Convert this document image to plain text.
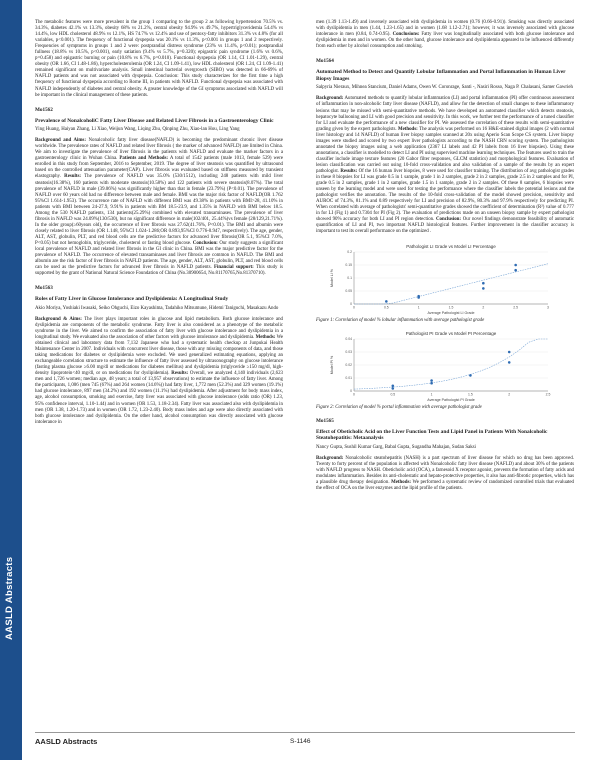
AASLD Abstracts

The metabolic features were more prevalent in the group 1 comparing to the group 2 as following hypertension 70.5% vs. 34.3%, diabetes 42.1% vs 13.3%, obesity 68% vs 21.2%, central obesity 94.9% vs 49.7%, hypertriglyceridemia 54.4% vs 14.4%, low HDL cholesterol 48.9% vs 12.1%, HS 74.7% vs 12.4% and use of pentoxy-fatty inhibitors 31.3% vs 4.8% (for all variables, p<0.001). The frequency of functional dyspepsia was 20.1% vs 11.3%, p<0.001 in groups 1 and 2 respectively. Frequencies of symptoms in groups 1 and 2 were: postprandial distress syndrome (23% vs 11.4%, p<0.01); postprandial fullness (18.8% vs 10.5%, p<0.001), early satiation (9.4% vs 5.7%, p=0.320); epigastric pain syndrome (1.6% vs 0.6%, p=0.458) and epigastric burning or pain (10.8% vs 6.7%, p=0.010). Functional dyspepsia (OR 1.14, CI 1.01-1.29), central obesity (OR 1.66, CI 1.48-1.86), hypercholesterolemia (OR 1.24, CI 1.09-1.41), low HDL cholesterol (OR 1.24, CI 1.09-1.41) remained significant on multivariate analysis. Small intestinal bacterial overgrowth (SIBO) was detected in 66-69% of NAFLD patients and was not associated with dyspepsia. Conclusion: This study characterizes for the first time a high frequency of functional dyspepsia according to Rome III, in patients with NAFLD. Functional dyspepsia was associated with NAFLD independently of diabetes and central obesity. A greater knowledge of the GI symptoms associated with NAFLD will be important in the clinical management of these patients.

Mo1562
Prevalence of NonalcoholiC Fatty Liver Disease and Related Liver Fibrosis in a Gastroenterology Clinic
Ying Huang, Haiyan Zhang, Li Xiao, Weijun Wang, Liqing Zhu, Qinping Zhu, Xiao-lan Hou, Ling Yang

Background and Aims: Nonalcoholic fatty liver disease(NAFLD) is becoming the predominant chronic liver disease worldwide. The prevalence rates of NAFLD and related liver fibrosis ( the marker of advanced NAFLD) are limited in China. We aim to investigate the prevalence of liver fibrosis in the patients with NAFLD and evaluate the marker factors in a gastroenterology clinic in Wuhan China. Patients and Methods: A total of 1542 patients (male 1013, female 529) were enrolled in this study from September, 2016 to September, 2019. The degree of liver steatosis was quantified by ultrasound based on the controlled attenuation parameter(CAP). Liver fibrosis was evaluated based on stiffness measured by transient elastography. Results: The prevalence of NAFLD was 35.0% (530/1512), including 248 patients with mild liver steatosis(16.38%), 160 patients with moderate steatosis(10.58%) and 122 patients with severe steatosis(8.07%). The total prevalence of NAFLD in male (39.06%) was significantly higher than that in female (23.79%) (P<0.01). The prevalence of NAFLD over 60 years old had no difference between male and female. BMI was the major risk factor of NAFLD(OR 1.762 95%CI 1.614-1.953). The occurrence rate of NAFLD with different BMI was 49.38% in patients with BMI>28, 41.10% in patients with BMI between 24-27.9, 9.91% in patients with BM 18.5-23.9, and 1.35% in NAFLD with BMI below 18.5. Among the 530 NAFLD patients, 134 patients(25.29%) combined with elevated transaminases. The prevalence of liver fibrosis in NAFLD was 24.09%(130/530), but no significant difference in male(102/401, 25.44%)vs female (28/129,21.71%). In the older group(≥60years old), the occurrence of liver fibrosis was 27.62(41.76%, P<0.01). The BMI and albumin were closely related to liver fibrosis (OR 1.148, 95%CI 1.024-1.286;OR 0.893,95%CI 0.776-0.947, respectively). The age, gender, ALT, AST, globulin, PLT, and red blood cells are the predictive factors for advanced liver fibrosis(OR 5.1, 95%CI 7.0%, P<0.05) but not hemoglobin, triglyceride, cholesterol or fasting blood glucose. Conclusion: Our study suggests a significant local prevalence of NAFLD and related liver fibrosis in the GI clinic in China. BMI was the major predictive factor for the prevalence of NAFLD. The occurrence of elevated transaminases and liver fibrosis are common in NAFLD. The BMI and albumin are the risk factor of liver fibrosis in NAFLD patients. The age, gender, ALT, AST, globulin, PLT, and red blood cells can be used as the predictive factors for advanced liver fibrosis in NAFLD patients. Financial support: This study is supported by the grant of National Natural Science Foundation of China (No.30900654, No.81170765,No.81370710).

Mo1563
Roles of Fatty Liver in Glucose Intolerance and Dyslipidemia: A Longitudinal Study
Akio Moriya, Yoshiaki Iwasaki, Seiko Ohguchi, Eizo Kayashima, Tadahiko Mitsumune, Hidemi Taniguchi, Masakazu Ando

Background & Aims: The liver plays important roles in glucose and lipid metabolism. Both glucose intolerance and dyslipidemia are components of the metabolic syndrome. Fatty liver is also considered as a phenotype of the metabolic syndrome in the liver. We aimed to confirm the association of fatty liver with glucose intolerance and dyslipidemia in a longitudinal study. We evaluated also the association of other factors with glucose intolerance and dyslipidemia. Methods: We obtained clinical and laboratory data from 7,132 Japanese who had a systematic health checkup at Junpukai Health Maintenance Center in 2007. Individuals with concurrent liver disease, those with any missing components of data, and those taking medications for diabetes or dyslipidemia were excluded. We used generalized estimating equations, applying an exchangeable correlation structure to estimate the influence of fatty liver assessed by ultrasonography on glucose intolerance (fasting plasma glucose ≥6.00 mg/dl or medications for diabetes mellitus) and dyslipidemia (triglyceride ≥150 mg/dl, high-density lipoprotein<40 mg/dl, or on medications for dyslipidemia). Results: Overall, we analyzed 4,140 individuals (2,623 men and 1,726 women; median age, 48 years; a total of 13,957 observations) to estimate the influence of fatty liver. Among the participants, 1,006 (men 745 (67%) and 264 women (14.6%)) had fatty liver, 1,772 men (52.3%) and 329 women (19.1%) had glucose intolerance, 897 men (34.2%) and 192 women (11.1%) had dyslipidemia. After adjustment for body mass index, age, alcohol consumption, smoking and exercise, fatty liver was associated with glucose intolerance (odds ratio (OR) 1.23, 95% confidence interval, 1.10-1.44) and in women (OR 1.53, 1.18-2.34). Fatty liver was associated also with dyslipidemia in men (OR 1.38, 1.20-1.73) and in women (OR 1.72, 1.23-2.40). Body mass index and age were also directly associated with both glucose intolerance and dyslipidemia. On the other hand, alcohol consumption was directly associated with glucose intolerance in

men (1.39 1.13-1.49) and inversely associated with dyslipidemia in women (0.76 (0.66-0.91)). Smoking was directly associated with dyslipidemia in men (1.44, 1.23-1.65) and in women (1.68 1.12-2.71); however, it was inversely associated with glucose intolerance in men (0.84, 0.74-0.95). Conclusions: Fatty liver was longitudinally associated with both glucose intolerance and dyslipidemia in men and in women. On the other hand, glucose intolerance and dyslipidemia appeared to be influenced differently from each other by alcohol consumption and smoking.

Mo1564
Automated Method to Detect and Quantify Lobular Inflammation and Portal Inflammation in Human Liver Biopsy Images
Salpyria Nieraux, Mihnea Stancium, Daniel Adams, Owen W. Coronrage, Santi -, Nasiri Rosso, Naga P. Chalasani, Samer Gawrieh

Background: Automated methods to quantify lobular inflammation (LI) and portal inflammation (PI) offer continuous assessment of inflammation in non-alcoholic fatty liver disease (NAFLD), and allow for the detection of small changes to these inflammatory lesions that may be missed with semi-quantitative methods. We have developed an automated classifier which detects steatosis, hepatocyte ballooning and LI with good precision and sensitivity. In this work, we further test the performance of a tuned classifier for LI and evaluate the performance of a new classifier for PI. We assessed the correlation of these results with semi-quantitative grading given by the expert pathologists. Methods: The analysis was performed on 16 H&E-stained digital images (2 with normal liver histology and 14 NAFLD) of human liver biopsy samples scanned at 20x using Aperio Scan Scope CS system. Liver biopsy images were studied and scored by two expert liver pathologists according to the NASH CRN scoring system. The pathologists annotated the biopsy images using a web application (2367 LI labels and 42 PI labels from 16 liver biopsies). Using these annotations, a classifier is modelled to detect LI and PI using supervised machine learning techniques. The features used to train the classifier include image texture features (20 Gabor filter responses, GLCM statistics) and morphological features. Evaluation of lesion classification was carried out using 10-fold cross-validation and also validation of a sample of the results by an expert pathologist. Results: Of the 16 human liver biopsies, 8 were used for classifier training. The distribution of avg pathologist grades in these 8 biopsies for LI was grade 0.5 in 1 sample, grade 1 in 2 samples, grade 2 in 2 samples, grade 2.5 in 2 samples and for PI, grade 0.5 in 2 samples, grade 1 in 2 samples, grade 1.5 in 1 sample, grade 2 in 2 samples. Of these 8 samples, 6 biopsies were unseen by the learning model and were used for testing the performance where the classifier labels the potential lesions and the pathologist verifies the annotation. The results of the 10-fold cross-validation of the model showed precision, sensitivity and AUROC of 74.3%, 81.1% and 0.89 respectively for LI and precision of 82.9%, 80.3% and 97.9% respectively for predicting PI. When correlated with average of pathologists' semi-quantitative grades showed the coefficient of determination (R²) value of 0.777 in for LI (Fig 1) and 0.7304 for PI (Fig 2). The evaluation of predictions made on an unseen biopsy sample by expert pathologist showed 90% accuracy for both LI and PI region detection. Conclusion: Our novel findings demonstrate feasibility of automatic quantification of LI and PI, two important NAFLD histological features. Further improvement in the classifier accuracy is important to test its overall performance on the optimized .

Pathologist LI Grade vs Model LI Percentage
0
0.05
0.1
0.15
0.2
0	0.5	1	1.5	2	2.5	3
Average Pathologist LI Grade
Model LI %
Figure 1: Correlation of model % lobular inflammation with average pathologist grade
Pathologist PI Grade vs Model PI Percentage
0
0.01
0.02
0.03
0.04
0	0.5	1	1.5	2	2.5
Average Pathologist PI Grade
Model PI %
Figure 2: Correlation of model % portal inflammation with average pathologist grade
Mo1565
Effect of Obeticholic Acid on the Liver Function Tests and Lipid Panel in Patients With Nonalcoholic Steatohepatitis: Metaanalysis
Nancy Gupta, Sushil Kumar Garg, Babal Gupta, Sugandha Mahajan, Sudan Saksi

Background: Nonalcoholic steatohepatitis (NASH) is a part spectrum of liver disease for which no drug has been approved. Twenty to forty percent of the population is affected with Nonalcoholic fatty liver disease (NAFLD) and about 30% of the patients with NAFLD progress to NASH. Obeticholic acid (OCA), a farnesoid X receptor agonist, prevents the formation of fatty acids and modulates inflammation. Besides its anti-cholestatic and hepato-protective properties, it also has anti-fibrotic properties, which has a plausible drug therapy designation. Methods: We performed a systematic review of randomized controlled trials that evaluated the effect of OCA on the liver enzymes and the lipid profile of the patients.

AASLD Abstracts	S-1146
